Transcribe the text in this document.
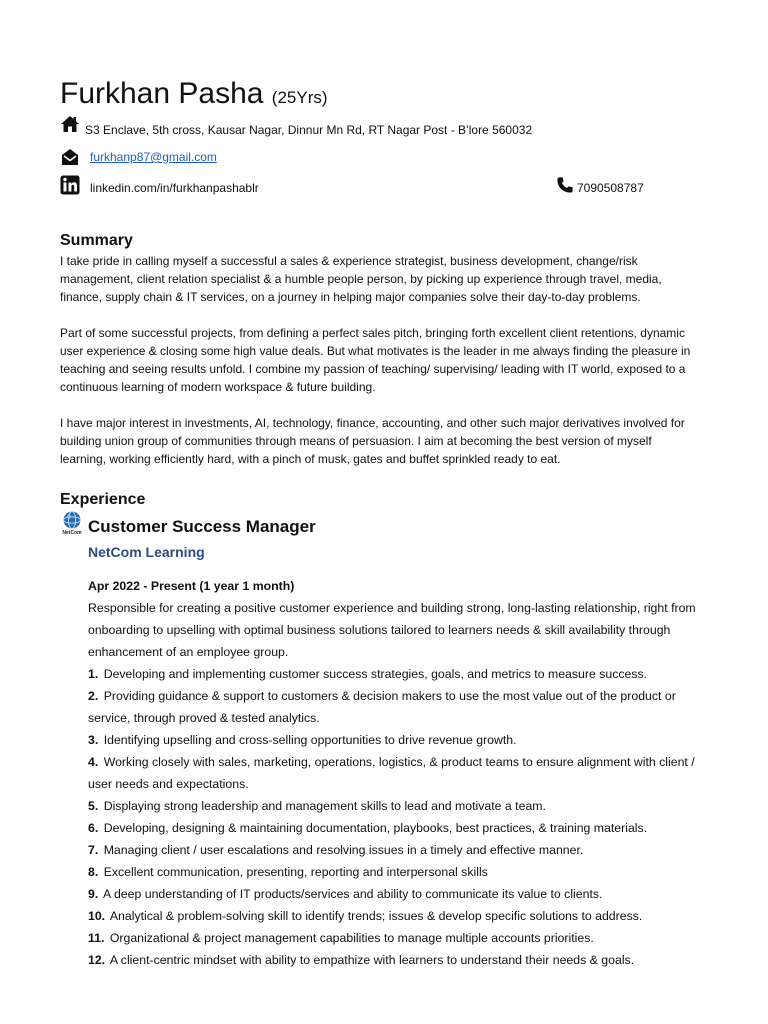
Furkhan Pasha (25Yrs)
S3 Enclave, 5th cross, Kausar Nagar, Dinnur Mn Rd, RT Nagar Post - B’lore 560032
furkhanp87@gmail.com
linkedin.com/in/furkhanpashablr	7090508787
Summary

I take pride in calling myself a successful a sales & experience strategist, business development, change/risk management, client relation specialist & a humble people person, by picking up experience through travel, media, finance, supply chain & IT services, on a journey in helping major companies solve their day-to-day problems.

Part of some successful projects, from defining a perfect sales pitch, bringing forth excellent client retentions, dynamic user experience & closing some high value deals. But what motivates is the leader in me always finding the pleasure in teaching and seeing results unfold. I combine my passion of teaching/ supervising/ leading with IT world, exposed to a continuous learning of modern workspace & future building.

I have major interest in investments, AI, technology, finance, accounting, and other such major derivatives involved for building union group of communities through means of persuasion. I aim at becoming the best version of myself learning, working efficiently hard, with a pinch of musk, gates and buffet sprinkled ready to eat.

Experience
NetCom Customer Success Manager
NetCom Learning
Apr 2022 - Present (1 year 1 month)
Responsible for creating a positive customer experience and building strong, long-lasting relationship, right from onboarding to upselling with optimal business solutions tailored to learners needs & skill availability through enhancement of an employee group.
1. Developing and implementing customer success strategies, goals, and metrics to measure success.
2. Providing guidance & support to customers & decision makers to use the most value out of the product or service, through proved & tested analytics.
3. Identifying upselling and cross-selling opportunities to drive revenue growth.
4. Working closely with sales, marketing, operations, logistics, & product teams to ensure alignment with client / user needs and expectations.
5. Displaying strong leadership and management skills to lead and motivate a team.
6. Developing, designing & maintaining documentation, playbooks, best practices, & training materials.
7. Managing client / user escalations and resolving issues in a timely and effective manner.
8. Excellent communication, presenting, reporting and interpersonal skills
9. A deep understanding of IT products/services and ability to communicate its value to clients.
10. Analytical & problem-solving skill to identify trends; issues & develop specific solutions to address.
11. Organizational & project management capabilities to manage multiple accounts priorities.
12. A client-centric mindset with ability to empathize with learners to understand their needs & goals.
